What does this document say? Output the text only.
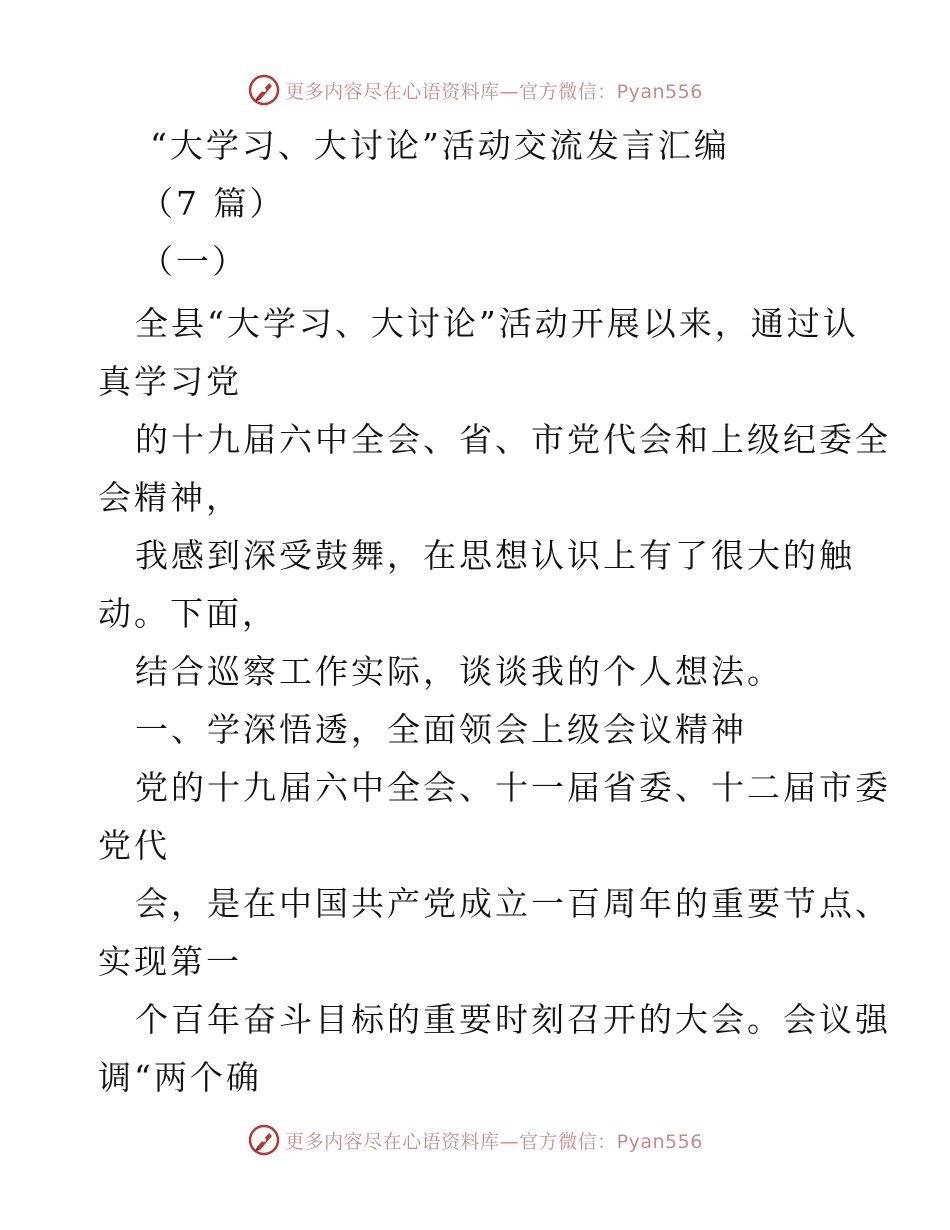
更多内容尽在心语资料库—官方微信：Pyan556
“大学习、大讨论”活动交流发言汇编
（7 篇）
（一）
全县“大学习、大讨论”活动开展以来，通过认
真学习党
的十九届六中全会、省、市党代会和上级纪委全
会精神，
我感到深受鼓舞，在思想认识上有了很大的触
动。下面，
结合巡察工作实际，谈谈我的个人想法。
一、学深悟透，全面领会上级会议精神
党的十九届六中全会、十一届省委、十二届市委
党代
会，是在中国共产党成立一百周年的重要节点、
实现第一
个百年奋斗目标的重要时刻召开的大会。会议强
调“两个确
更多内容尽在心语资料库—官方微信：Pyan556
